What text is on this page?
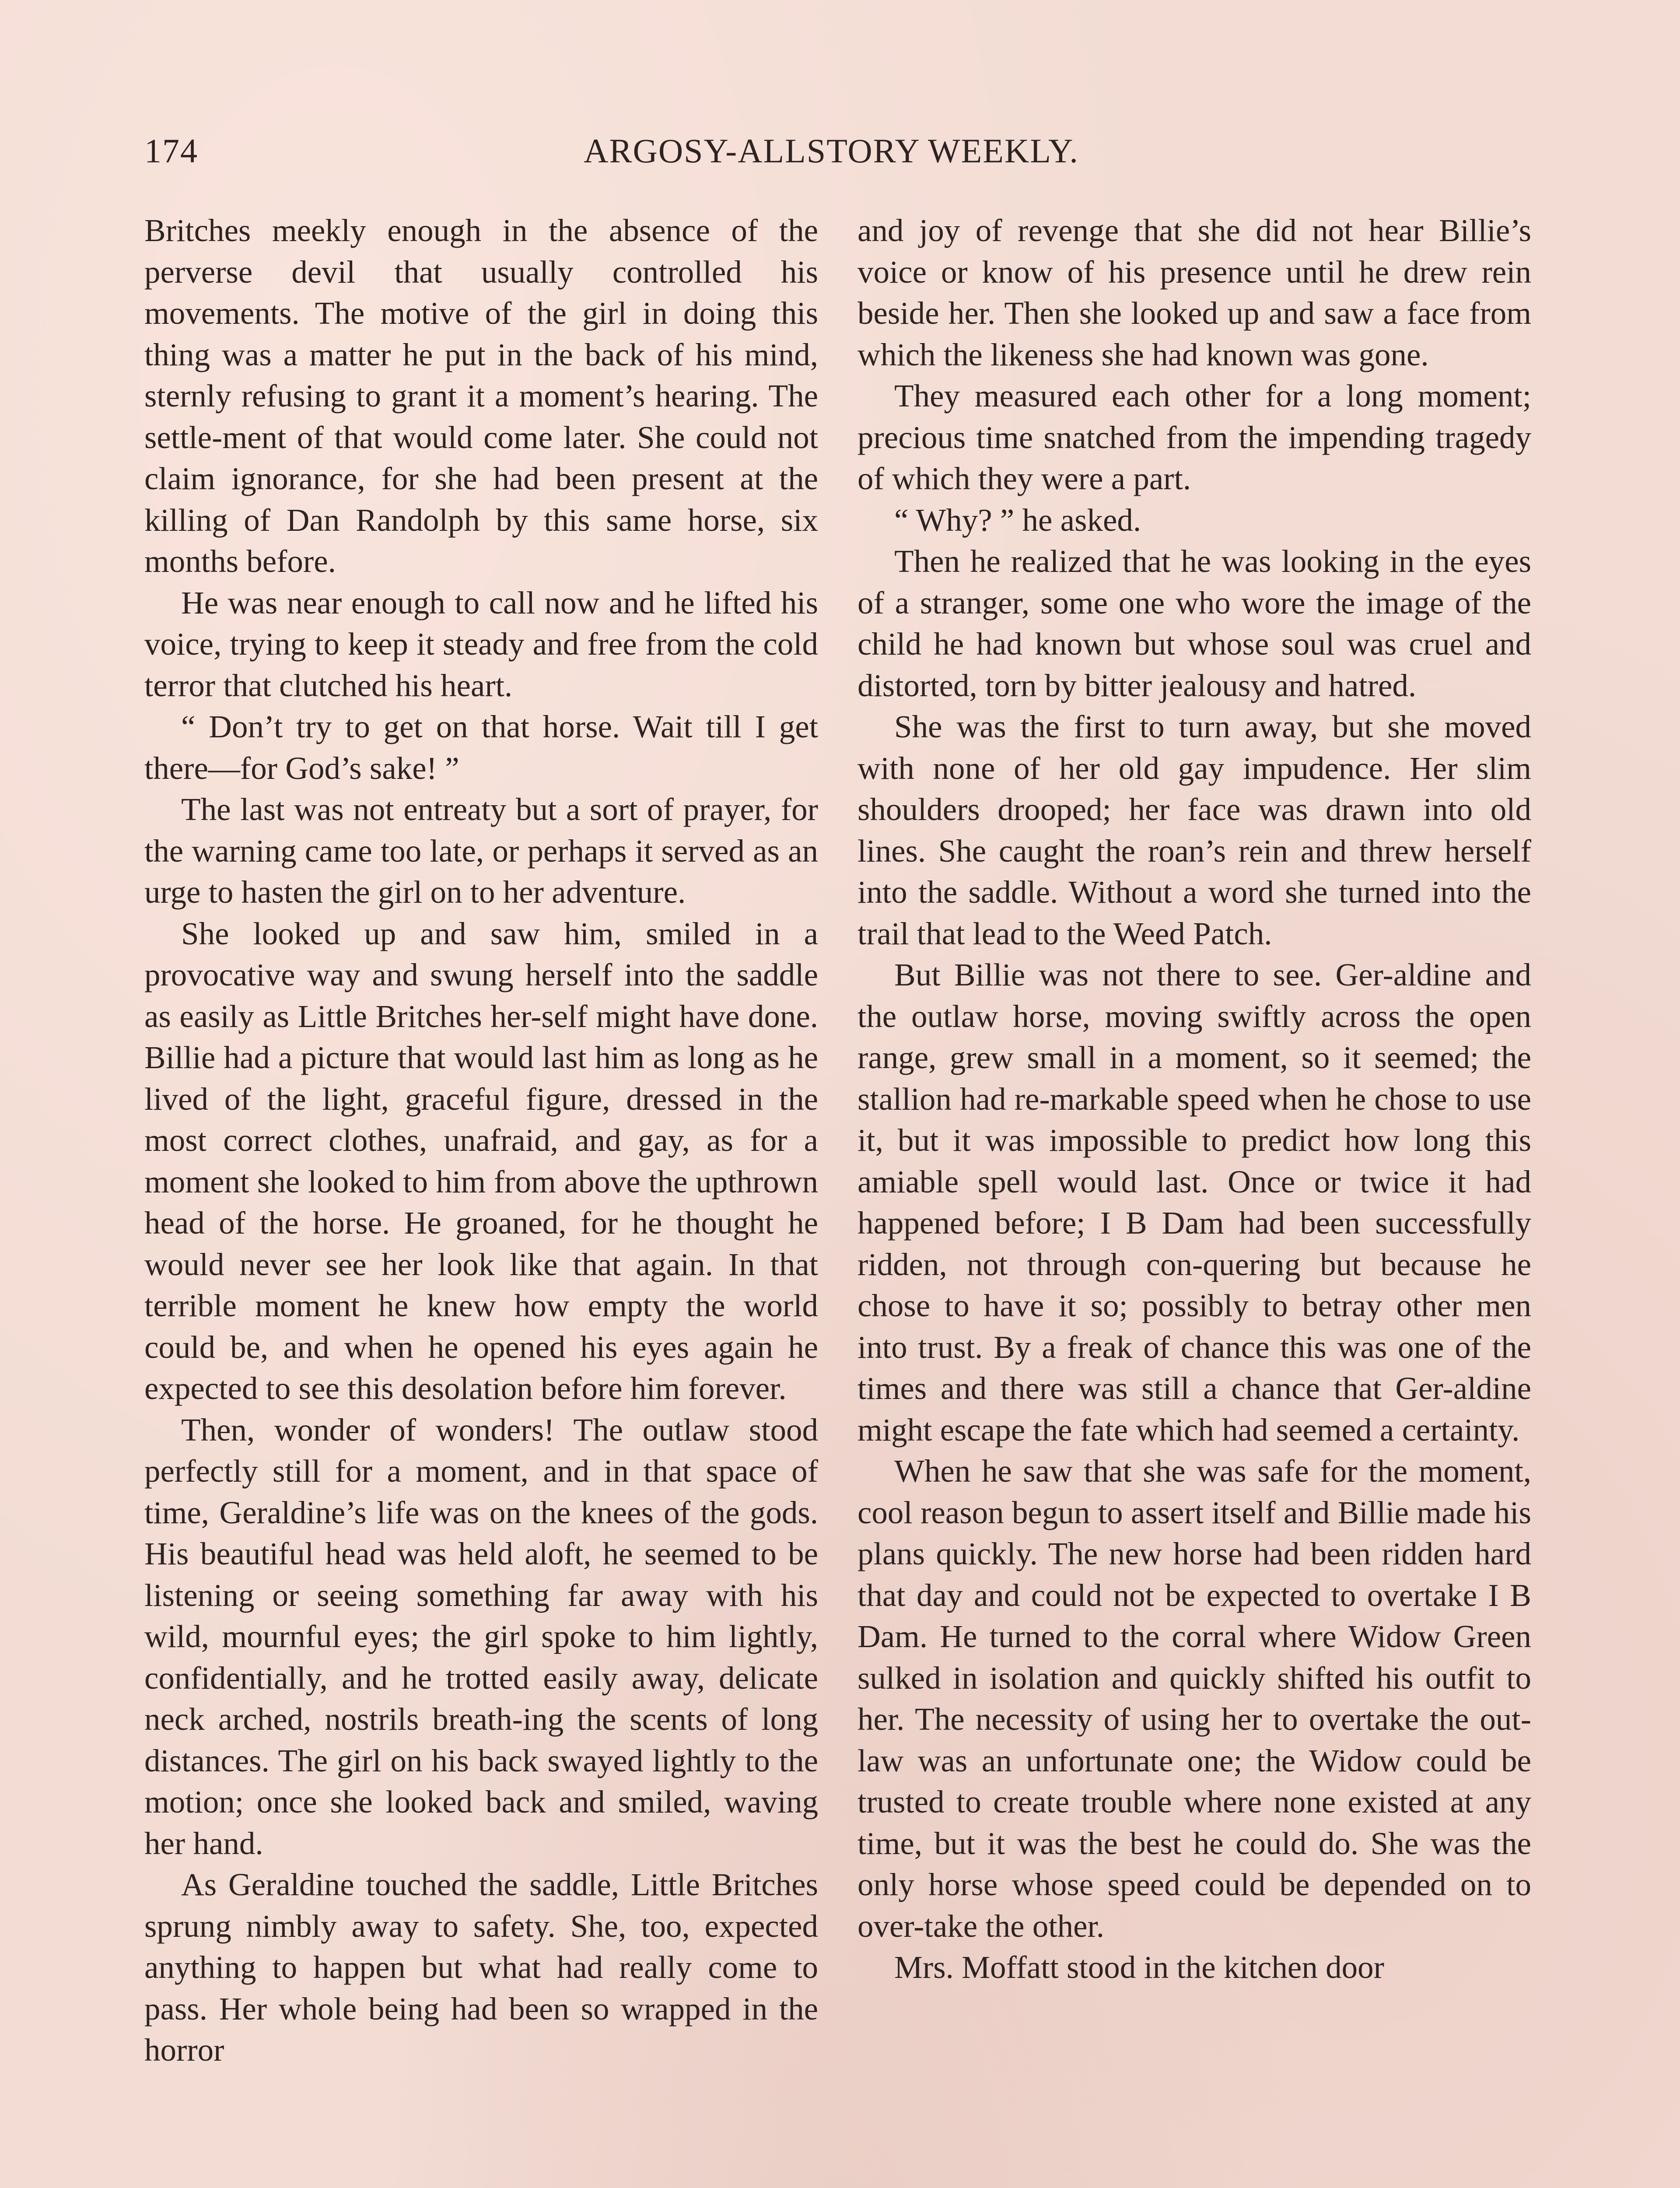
174	ARGOSY-ALLSTORY WEEKLY.

Britches meekly enough in the absence of the perverse devil that usually controlled his movements. The motive of the girl in doing this thing was a matter he put in the back of his mind, sternly refusing to grant it a moment’s hearing. The settle-ment of that would come later. She could not claim ignorance, for she had been present at the killing of Dan Randolph by this same horse, six months before.

He was near enough to call now and he lifted his voice, trying to keep it steady and free from the cold terror that clutched his heart.

“ Don’t try to get on that horse. Wait till I get there—for God’s sake! ”

The last was not entreaty but a sort of prayer, for the warning came too late, or perhaps it served as an urge to hasten the girl on to her adventure.

She looked up and saw him, smiled in a provocative way and swung herself into the saddle as easily as Little Britches her-self might have done. Billie had a picture that would last him as long as he lived of the light, graceful figure, dressed in the most correct clothes, unafraid, and gay, as for a moment she looked to him from above the upthrown head of the horse. He groaned, for he thought he would never see her look like that again. In that terrible moment he knew how empty the world could be, and when he opened his eyes again he expected to see this desolation before him forever.

Then, wonder of wonders! The outlaw stood perfectly still for a moment, and in that space of time, Geraldine’s life was on the knees of the gods. His beautiful head was held aloft, he seemed to be listening or seeing something far away with his wild, mournful eyes; the girl spoke to him lightly, confidentially, and he trotted easily away, delicate neck arched, nostrils breath-ing the scents of long distances. The girl on his back swayed lightly to the motion; once she looked back and smiled, waving her hand.

As Geraldine touched the saddle, Little Britches sprung nimbly away to safety. She, too, expected anything to happen but what had really come to pass. Her whole being had been so wrapped in the horror

and joy of revenge that she did not hear Billie’s voice or know of his presence until he drew rein beside her. Then she looked up and saw a face from which the likeness she had known was gone.

They measured each other for a long moment; precious time snatched from the impending tragedy of which they were a part.

“ Why? ” he asked.

Then he realized that he was looking in the eyes of a stranger, some one who wore the image of the child he had known but whose soul was cruel and distorted, torn by bitter jealousy and hatred.

She was the first to turn away, but she moved with none of her old gay impudence. Her slim shoulders drooped; her face was drawn into old lines. She caught the roan’s rein and threw herself into the saddle. Without a word she turned into the trail that lead to the Weed Patch.

But Billie was not there to see. Ger-aldine and the outlaw horse, moving swiftly across the open range, grew small in a moment, so it seemed; the stallion had re-markable speed when he chose to use it, but it was impossible to predict how long this amiable spell would last. Once or twice it had happened before; I B Dam had been successfully ridden, not through con-quering but because he chose to have it so; possibly to betray other men into trust. By a freak of chance this was one of the times and there was still a chance that Ger-aldine might escape the fate which had seemed a certainty.

When he saw that she was safe for the moment, cool reason begun to assert itself and Billie made his plans quickly. The new horse had been ridden hard that day and could not be expected to overtake I B Dam. He turned to the corral where Widow Green sulked in isolation and quickly shifted his outfit to her. The necessity of using her to overtake the out-law was an unfortunate one; the Widow could be trusted to create trouble where none existed at any time, but it was the best he could do. She was the only horse whose speed could be depended on to over-take the other.

Mrs. Moffatt stood in the kitchen door
